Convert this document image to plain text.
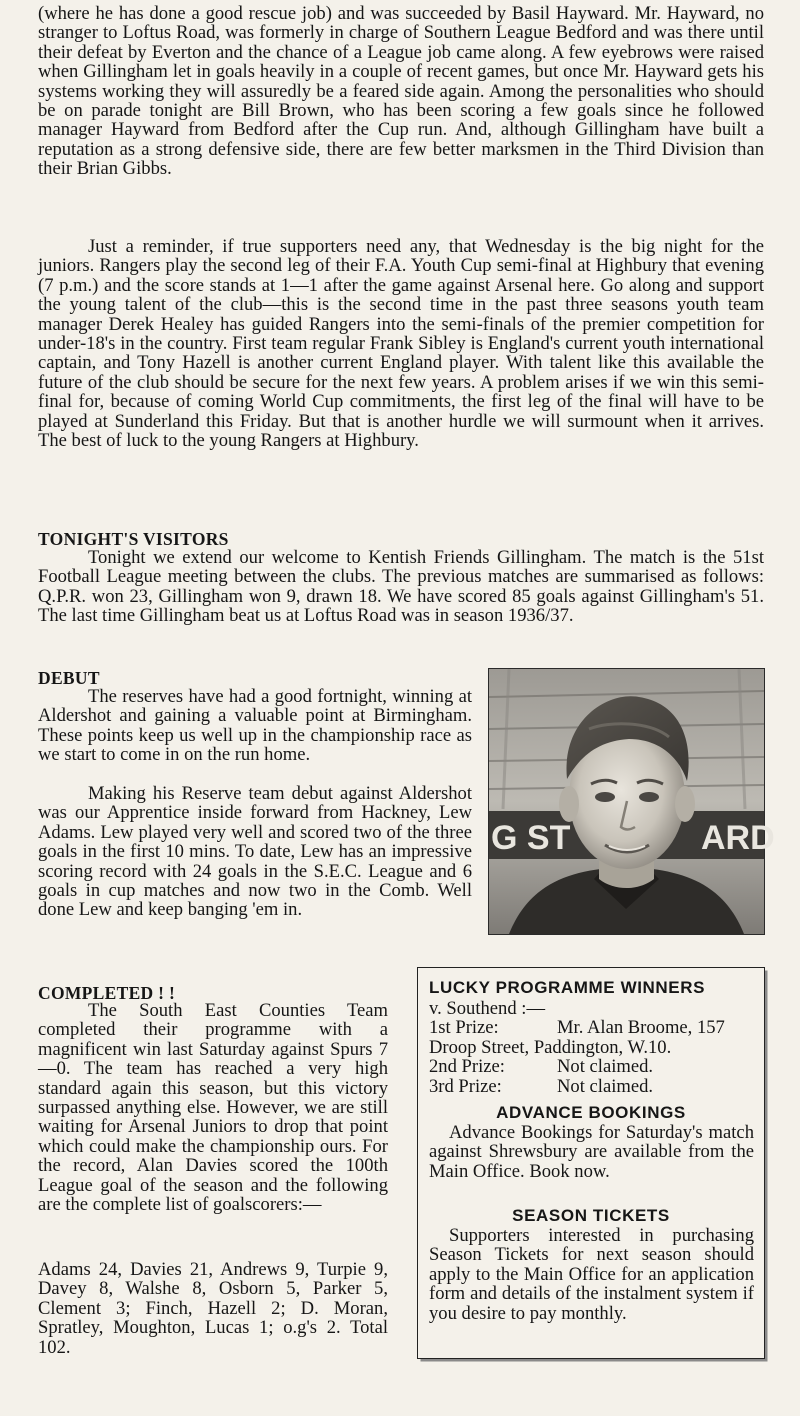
(where he has done a good rescue job) and was succeeded by Basil Hayward. Mr. Hayward, no stranger to Loftus Road, was formerly in charge of Southern League Bedford and was there until their defeat by Everton and the chance of a League job came along. A few eyebrows were raised when Gillingham let in goals heavily in a couple of recent games, but once Mr. Hayward gets his systems working they will assuredly be a feared side again. Among the personalities who should be on parade tonight are Bill Brown, who has been scoring a few goals since he followed manager Hayward from Bedford after the Cup run. And, although Gillingham have built a reputation as a strong defensive side, there are few better marksmen in the Third Division than their Brian Gibbs.

Just a reminder, if true supporters need any, that Wednesday is the big night for the juniors. Rangers play the second leg of their F.A. Youth Cup semi-final at Highbury that evening (7 p.m.) and the score stands at 1—1 after the game against Arsenal here. Go along and support the young talent of the club—this is the second time in the past three seasons youth team manager Derek Healey has guided Rangers into the semi-finals of the premier competition for under-18's in the country. First team regular Frank Sibley is England's current youth international captain, and Tony Hazell is another current England player. With talent like this available the future of the club should be secure for the next few years. A problem arises if we win this semi-final for, because of coming World Cup commitments, the first leg of the final will have to be played at Sunderland this Friday. But that is another hurdle we will surmount when it arrives. The best of luck to the young Rangers at Highbury.

TONIGHT'S VISITORS

Tonight we extend our welcome to Kentish Friends Gillingham. The match is the 51st Football League meeting between the clubs. The previous matches are summarised as follows: Q.P.R. won 23, Gillingham won 9, drawn 18. We have scored 85 goals against Gillingham's 51. The last time Gillingham beat us at Loftus Road was in season 1936/37.

DEBUT

The reserves have had a good fortnight, winning at Aldershot and gaining a valuable point at Birmingham. These points keep us well up in the championship race as we start to come in on the run home.

Making his Reserve team debut against Aldershot was our Apprentice inside forward from Hackney, Lew Adams. Lew played very well and scored two of the three goals in the first 10 mins. To date, Lew has an impressive scoring record with 24 goals in the S.E.C. League and 6 goals in cup matches and now two in the Comb. Well done Lew and keep banging 'em in.

G ST	ARD
COMPLETED ! !

The South East Counties Team completed their programme with a magnificent win last Saturday against Spurs 7—0. The team has reached a very high standard again this season, but this victory surpassed anything else. However, we are still waiting for Arsenal Juniors to drop that point which could make the championship ours. For the record, Alan Davies scored the 100th League goal of the season and the following are the complete list of goalscorers:—

Adams 24, Davies 21, Andrews 9, Turpie 9, Davey 8, Walshe 8, Osborn 5, Parker 5, Clement 3; Finch, Hazell 2; D. Moran, Spratley, Moughton, Lucas 1; o.g's 2. Total 102.

LUCKY PROGRAMME WINNERS

v. Southend :—
1st Prize:	Mr. Alan Broome, 157
Droop Street, Paddington, W.10.
2nd Prize:	Not claimed.
3rd Prize:	Not claimed.

ADVANCE BOOKINGS

Advance Bookings for Saturday's match against Shrewsbury are available from the Main Office. Book now.

SEASON TICKETS

Supporters interested in purchasing Season Tickets for next season should apply to the Main Office for an application form and details of the instalment system if you desire to pay monthly.
